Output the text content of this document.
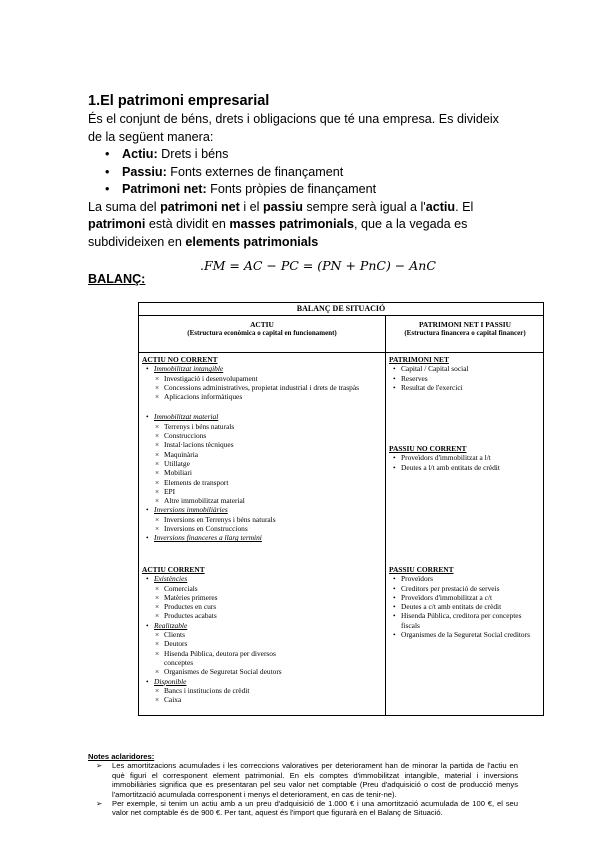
1.El patrimoni empresarial
És el conjunt de béns, drets i obligacions que té una empresa. Es divideix de la següent manera:
• Actiu: Drets i béns
• Passiu: Fonts externes de finançament
• Patrimoni net: Fonts pròpies de finançament
La suma del patrimoni net i el passiu sempre serà igual a l'actiu. El patrimoni està dividit en masses patrimonials, que a la vegada es subdivideixen en elements patrimonials
.FM = AC − PC = (PN + PnC) − AnC
BALANÇ:
BALANÇ DE SITUACIÓ
ACTIU
(Estructura econòmica o capital en funcionament)
ACTIU NO CORRENT
• Immobilitzat intangible
× Investigació i desenvolupament
× Concessions administratives, propietat industrial i drets de traspàs
× Aplicacions informàtiques
• Immobilitzat material
× Terrenys i béns naturals
× Construccions
× Instal·lacions tècniques
× Maquinària
× Utillatge
× Mobiliari
× Elements de transport
× EPI
× Altre immobilitzat material
• Inversions immobiliàries
× Inversions en Terrenys i béns naturals
× Inversions en Construccions
• Inversions financeres a llarg termini
ACTIU CORRENT
• Existències
× Comercials
× Matèries primeres
× Productes en curs
× Productes acabats
• Realitzable
× Clients
× Deutors
× Hisenda Pública, deutora per diversos conceptes
× Organismes de Seguretat Social deutors
• Disponible
× Bancs i institucions de crèdit
× Caixa
PATRIMONI NET I PASSIU
(Estructura financera o capital financer)
PATRIMONI NET
• Capital / Capital social
• Reserves
• Resultat de l'exercici
PASSIU NO CORRENT
• Proveïdors d'immobilitzat a l/t
• Deutes a l/t amb entitats de crèdit
PASSIU CORRENT
• Proveïdors
• Creditors per prestació de serveis
• Proveïdors d'immobilitzat a c/t
• Deutes a c/t amb entitats de crèdit
• Hisenda Pública, creditora per conceptes fiscals
• Organismes de la Seguretat Social creditors
Notes aclaridores:
➢ Les amortitzacions acumulades i les correccions valoratives per deteriorament han de minorar la partida de l'actiu en què figuri el corresponent element patrimonial. En els comptes d'immobilitzat intangible, material i inversions immobiliàries significa que es presentaran pel seu valor net comptable (Preu d'adquisició o cost de producció menys l'amortització acumulada corresponent i menys el deteriorament, en cas de tenir-ne).
➢ Per exemple, si tenim un actiu amb a un preu d'adquisició de 1.000 € i una amortització acumulada de 100 €, el seu valor net comptable és de 900 €. Per tant, aquest és l'import que figurarà en el Balanç de Situació.
